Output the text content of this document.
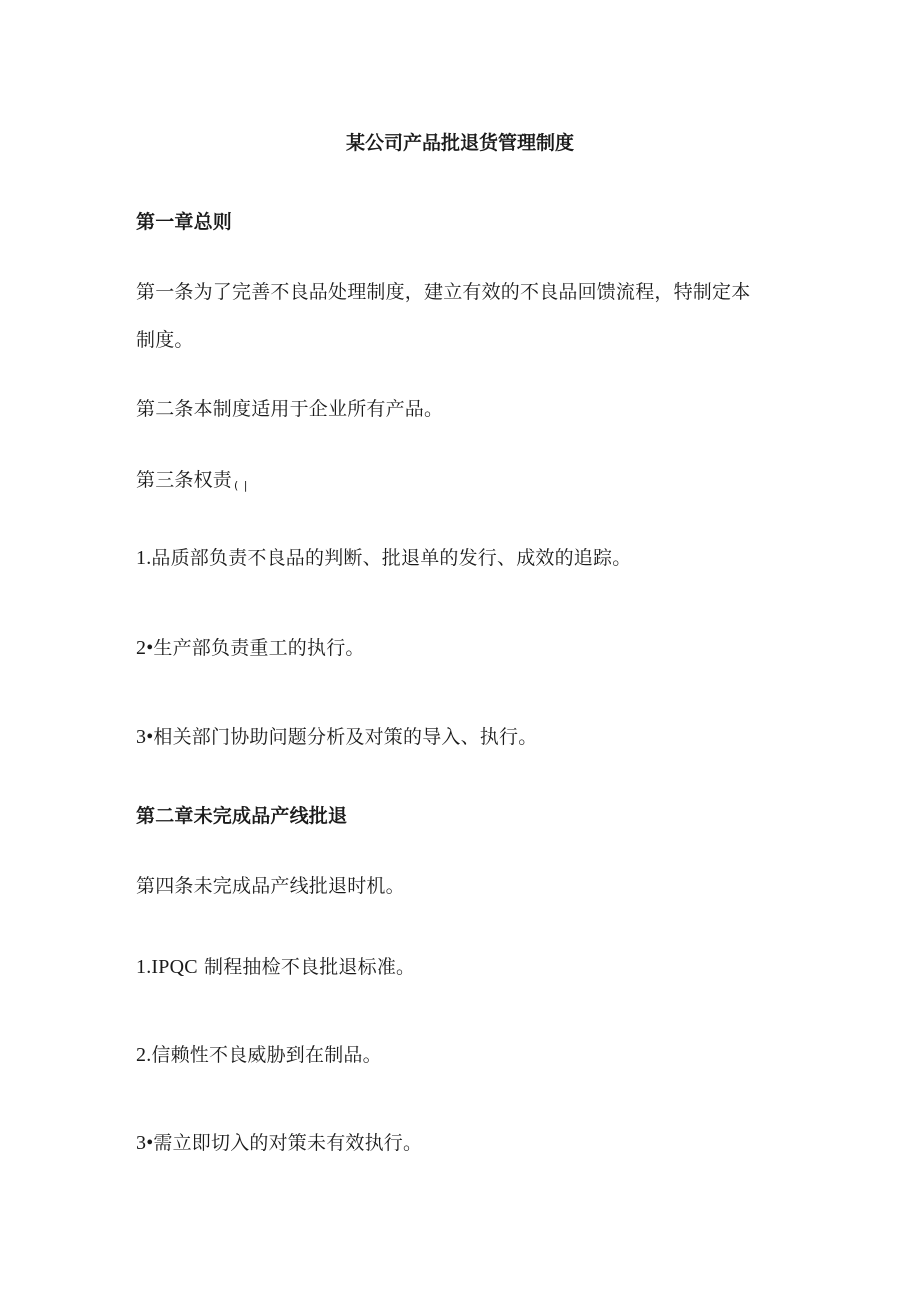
某公司产品批退货管理制度
第一章总则
第一条为了完善不良品处理制度，建立有效的不良品回馈流程，特制定本
制度。
第二条本制度适用于企业所有产品。
第三条权责 ( |
1.品质部负责不良品的判断、批退单的发行、成效的追踪。
2•生产部负责重工的执行。
3•相关部门协助问题分析及对策的导入、执行。
第二章未完成品产线批退
第四条未完成品产线批退时机。
1.IPQC 制程抽检不良批退标准。
2.信赖性不良威胁到在制品。
3•需立即切入的对策未有效执行。
